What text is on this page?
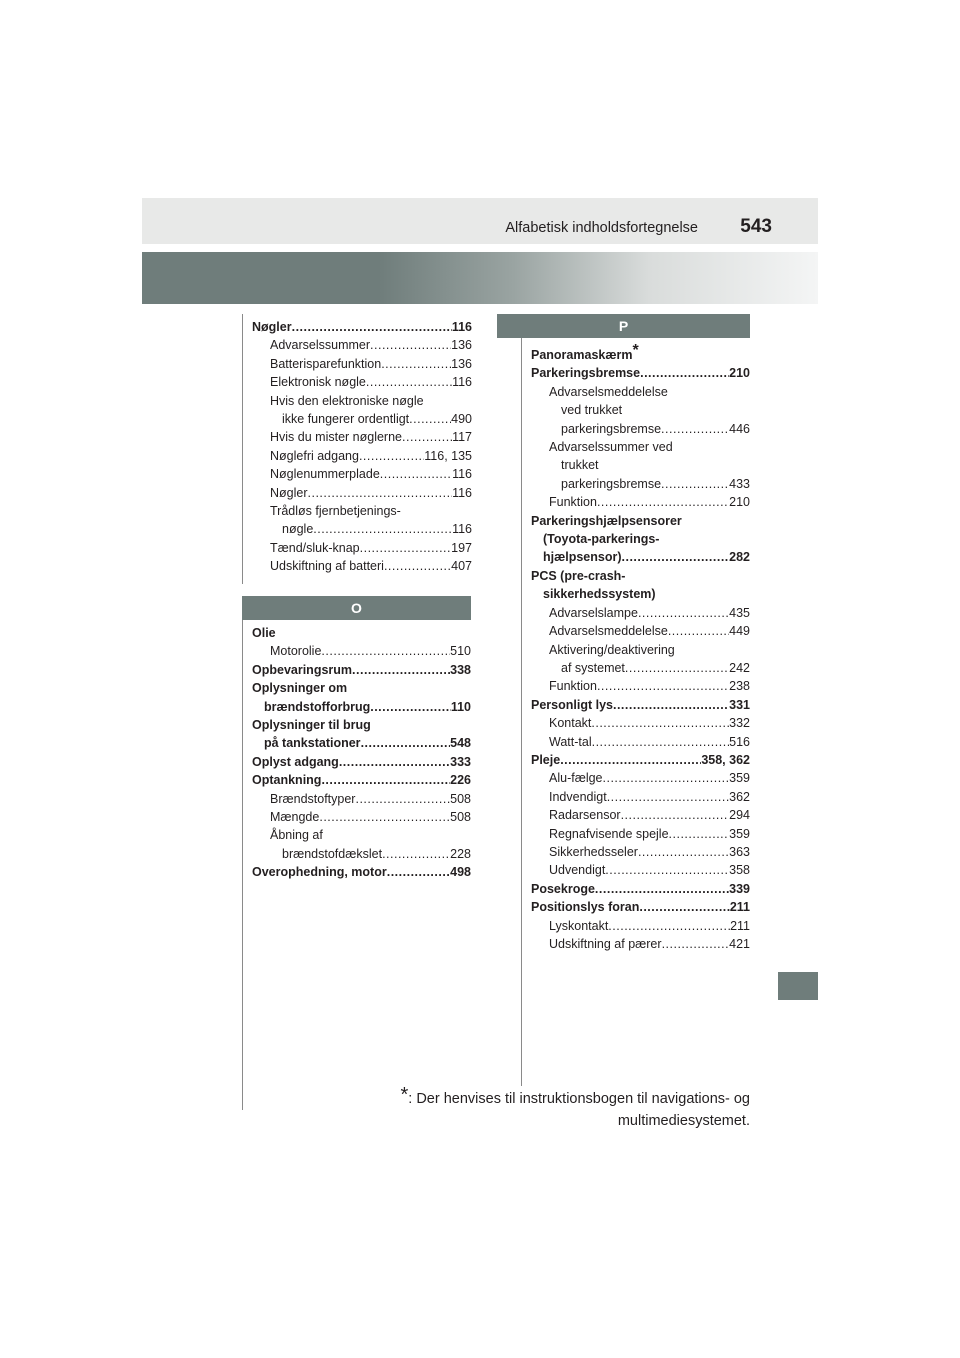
Alfabetisk indholdsfortegnelse 543
Nøgler .....	116
Advarselssummer .....	136
Batterisparefunktion .....	136
Elektronisk nøgle .....	116
Hvis den elektroniske nøgle
ikke fungerer ordentligt .....	490
Hvis du mister nøglerne .....	117
Nøglefri adgang .....	116, 135
Nøglenummerplade .....	116
Nøgler .....	116
Trådløs fjernbetjenings-
nøgle .....	116
Tænd/sluk-knap .....	197
Udskiftning af batteri .....	407
O
Olie
Motorolie .....	510
Opbevaringsrum .....	338
Oplysninger om
brændstofforbrug .....	110
Oplysninger til brug
på tankstationer .....	548
Oplyst adgang .....	333
Optankning .....	226
Brændstoftyper .....	508
Mængde .....	508
Åbning af
brændstofdækslet .....	228
Overophedning, motor .....	498
P
Panoramaskærm*
Parkeringsbremse .....	210
Advarselsmeddelelse
ved trukket
parkeringsbremse .....	446
Advarselssummer ved
trukket
parkeringsbremse .....	433
Funktion .....	210
Parkeringshjælpsensorer
(Toyota-parkerings-
hjælpsensor) .....	282
PCS (pre-crash-
sikkerhedssystem)
Advarselslampe .....	435
Advarselsmeddelelse .....	449
Aktivering/deaktivering
af systemet .....	242
Funktion .....	238
Personligt lys .....	331
Kontakt .....	332
Watt-tal .....	516
Pleje .....	358, 362
Alu-fælge .....	359
Indvendigt .....	362
Radarsensor .....	294
Regnafvisende spejle .....	359
Sikkerhedsseler .....	363
Udvendigt .....	358
Posekroge .....	339
Positionslys foran .....	211
Lyskontakt .....	211
Udskiftning af pærer .....	421
*: Der henvises til instruktionsbogen til navigations- og
multimediesystemet.
